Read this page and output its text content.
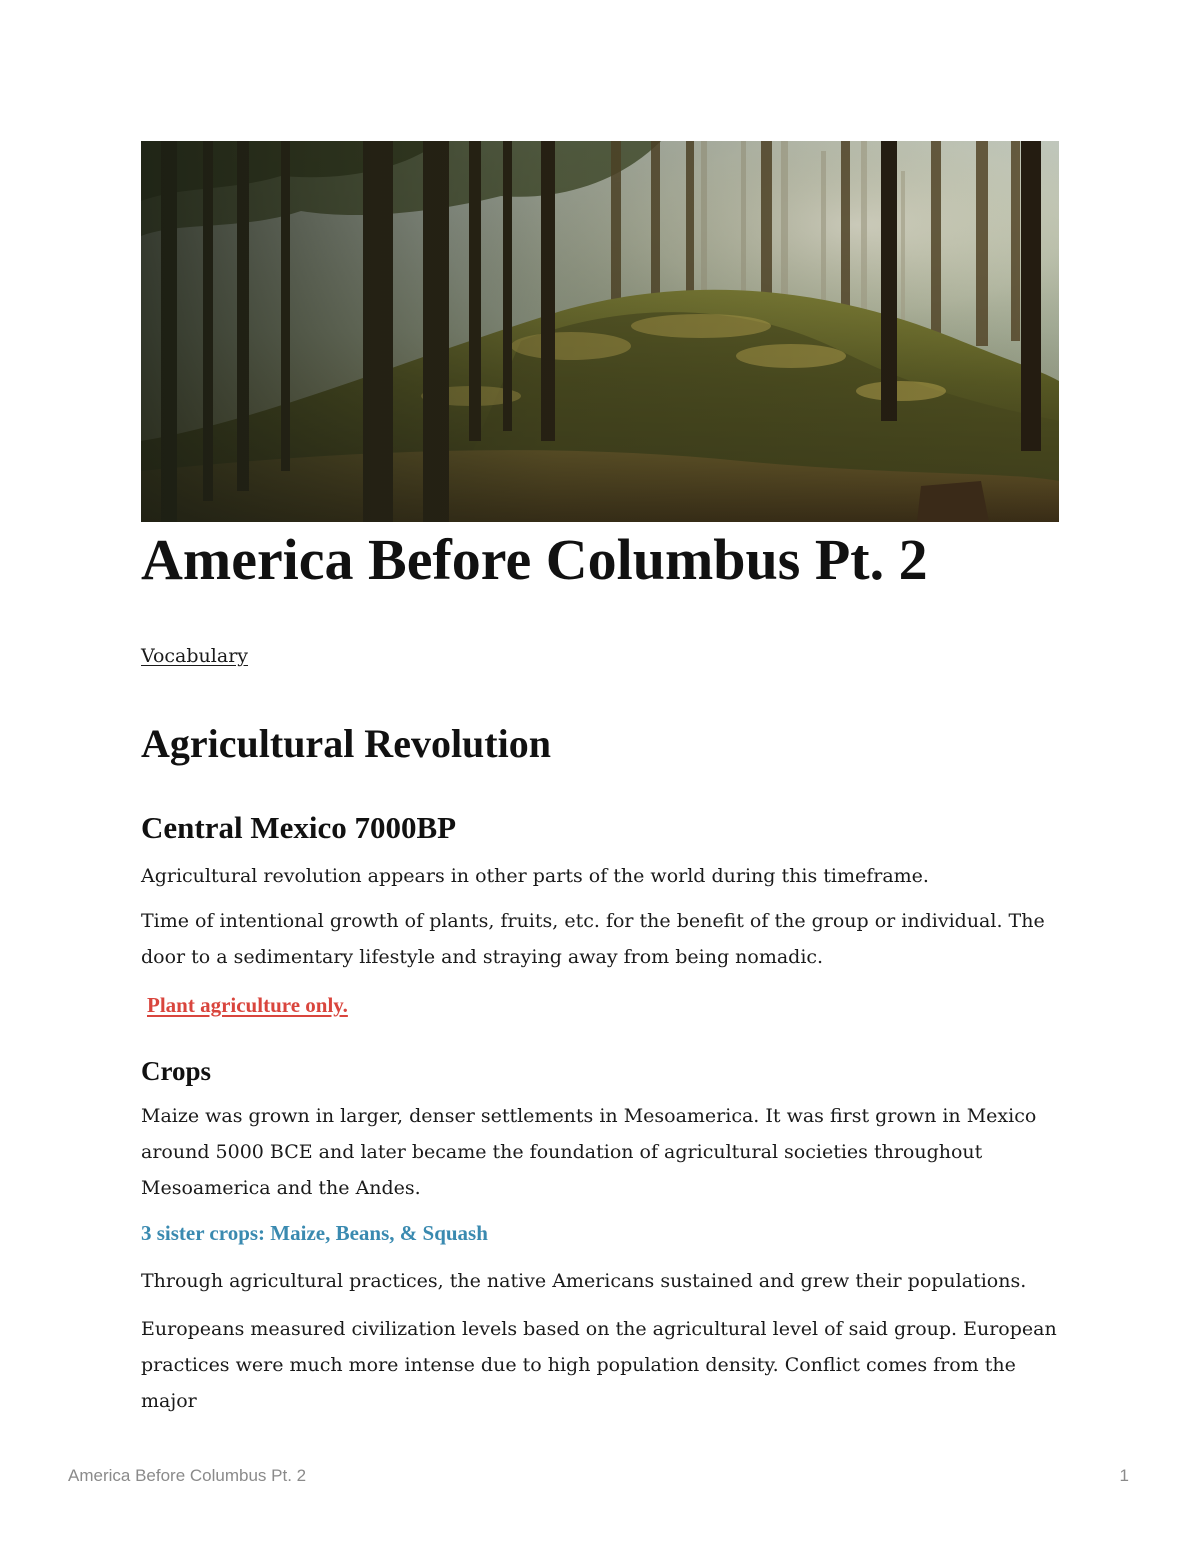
America Before Columbus Pt. 2
Vocabulary
Agricultural Revolution
Central Mexico 7000BP

Agricultural revolution appears in other parts of the world during this timeframe.

Time of intentional growth of plants, fruits, etc. for the benefit of the group or individual. The door to a sedimentary lifestyle and straying away from being nomadic.

Plant agriculture only.

Crops

Maize was grown in larger, denser settlements in Mesoamerica. It was first grown in Mexico around 5000 BCE and later became the foundation of agricultural societies throughout Mesoamerica and the Andes.

3 sister crops: Maize, Beans, & Squash

Through agricultural practices, the native Americans sustained and grew their populations.

Europeans measured civilization levels based on the agricultural level of said group. European practices were much more intense due to high population density. Conflict comes from the major

America Before Columbus Pt. 2	1
